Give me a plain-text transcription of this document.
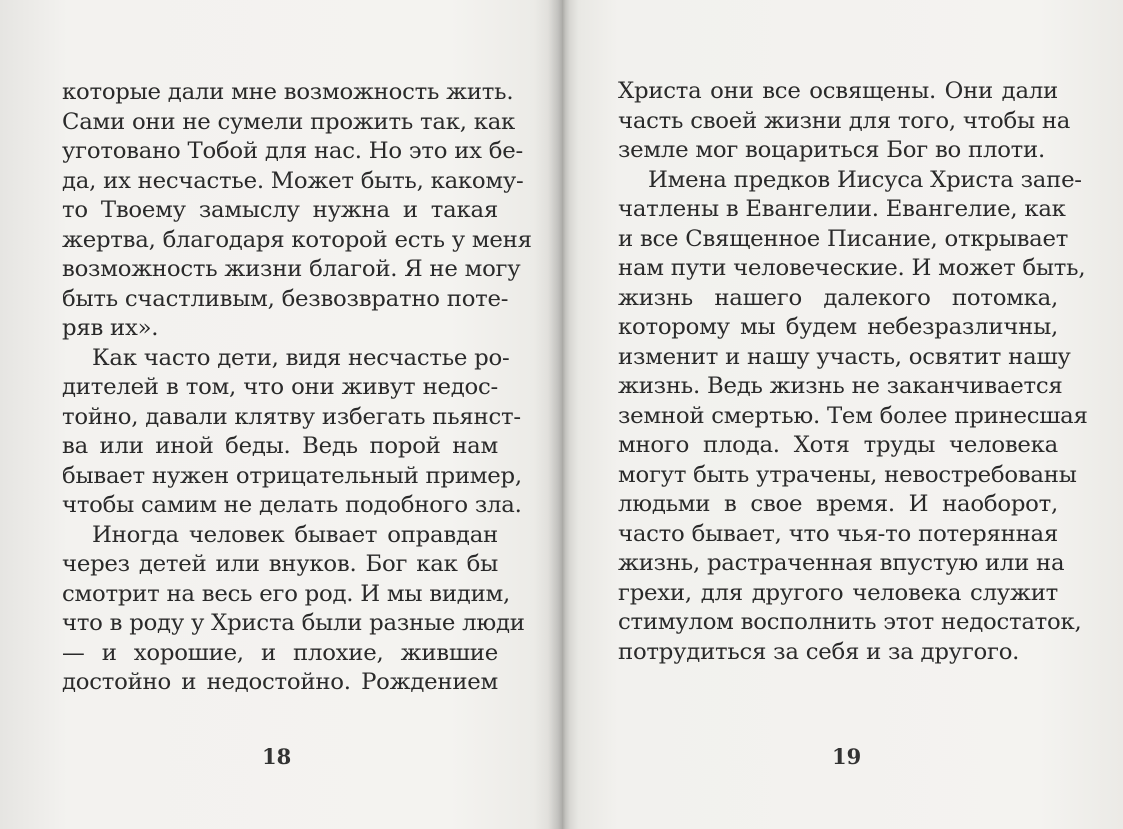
которые дали мне возможность жить.
Сами они не сумели прожить так, как
уготовано Тобой для нас. Но это их бе-
да, их несчастье. Может быть, какому-
то Твоему замыслу нужна и такая
жертва, благодаря которой есть у меня
возможность жизни благой. Я не могу
быть счастливым, безвозвратно поте-
ряв их».
Как часто дети, видя несчастье ро-
дителей в том, что они живут недос-
тойно, давали клятву избегать пьянст-
ва или иной беды. Ведь порой нам
бывает нужен отрицательный пример,
чтобы самим не делать подобного зла.
Иногда человек бывает оправдан
через детей или внуков. Бог как бы
смотрит на весь его род. И мы видим,
что в роду у Христа были разные люди
— и хорошие, и плохие, жившие
достойно и недостойно. Рождением
18
Христа они все освящены. Они дали
часть своей жизни для того, чтобы на
земле мог воцариться Бог во плоти.
Имена предков Иисуса Христа запе-
чатлены в Евангелии. Евангелие, как
и все Священное Писание, открывает
нам пути человеческие. И может быть,
жизнь нашего далекого потомка,
которому мы будем небезразличны,
изменит и нашу участь, освятит нашу
жизнь. Ведь жизнь не заканчивается
земной смертью. Тем более принесшая
много плода. Хотя труды человека
могут быть утрачены, невостребованы
людьми в свое время. И наоборот,
часто бывает, что чья-то потерянная
жизнь, растраченная впустую или на
грехи, для другого человека служит
стимулом восполнить этот недостаток,
потрудиться за себя и за другого.
19
